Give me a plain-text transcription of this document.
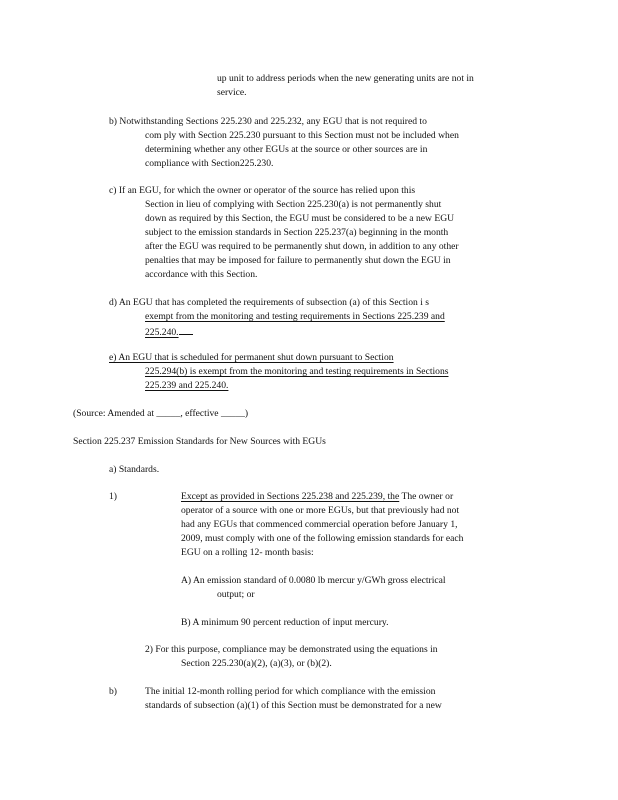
up unit to address periods when the new generating units are not in
service.
b) Notwithstanding Sections 225.230 and 225.232, any EGU that is not required to
com ply with Section 225.230 pursuant to this Section must not be included when
determining whether any other EGUs at the source or other sources are in
compliance with Section225.230.
c) If an EGU, for which the owner or operator of the source has relied upon this
Section in lieu of complying with Section 225.230(a) is not permanently shut
down as required by this Section, the EGU must be considered to be a new EGU
subject to the emission standards in Section 225.237(a) beginning in the month
after the EGU was required to be permanently shut down, in addition to any other
penalties that may be imposed for failure to permanently shut down the EGU in
accordance with this Section.
d) An EGU that has completed the requirements of subsection (a) of this Section i s
exempt from the monitoring and testing requirements in Sections 225.239 and
225.240.
e) An EGU that is scheduled for permanent shut down pursuant to Section
225.294(b) is exempt from the monitoring and testing requirements in Sections
225.239 and 225.240.
(Source: Amended at _____, effective _____)
Section 225.237 Emission Standards for New Sources with EGUs
a) Standards.
1)	Except as provided in Sections 225.238 and 225.239, the The owner or
operator of a source with one or more EGUs, but that previously had not
had any EGUs that commenced commercial operation before January 1,
2009, must comply with one of the following emission standards for each
EGU on a rolling 12- month basis:
A) An emission standard of 0.0080 lb mercur y/GWh gross electrical
output; or
B) A minimum 90 percent reduction of input mercury.
2) For this purpose, compliance may be demonstrated using the equations in
Section 225.230(a)(2), (a)(3), or (b)(2).
b)	The initial 12-month rolling period for which compliance with the emission
standards of subsection (a)(1) of this Section must be demonstrated for a new
